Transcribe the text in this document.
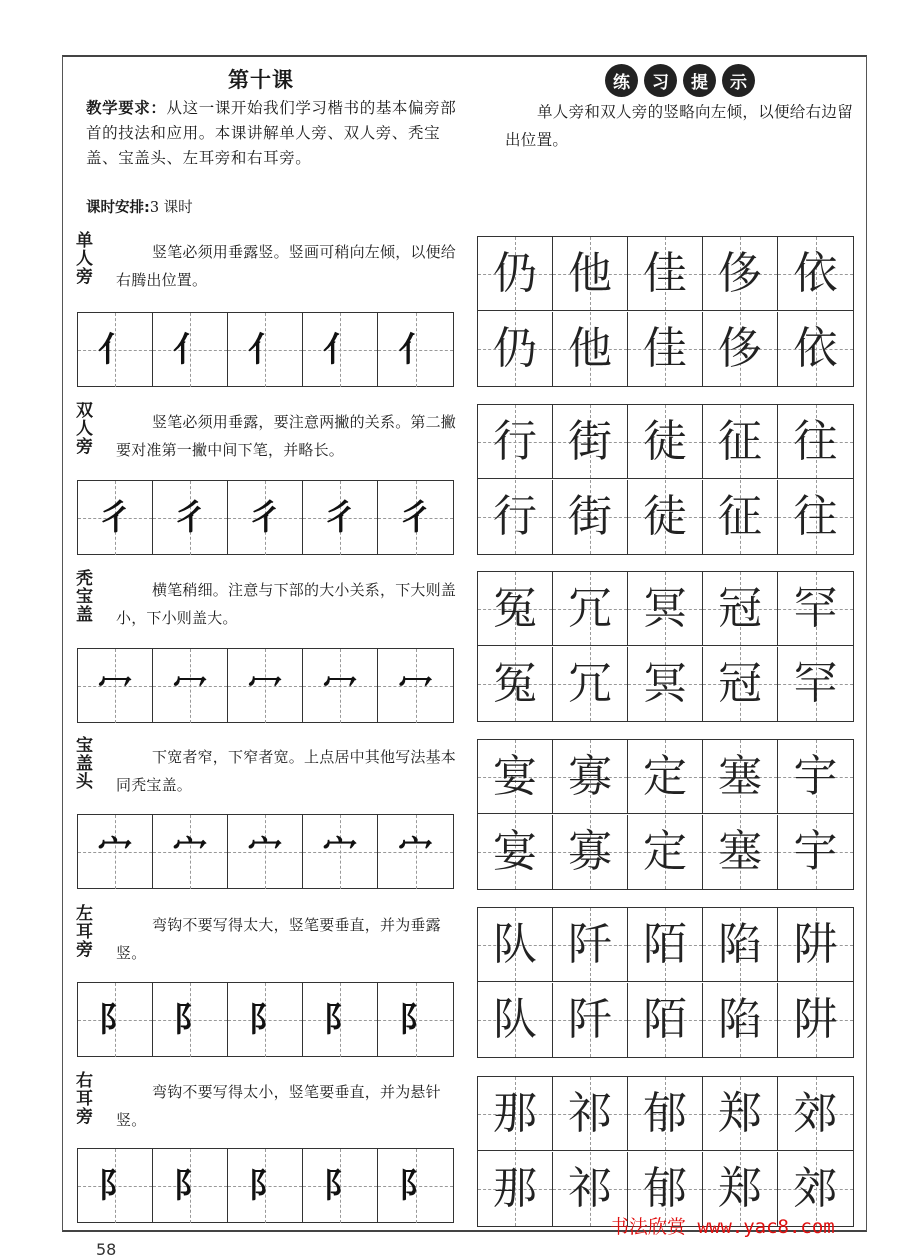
第十课
教学要求：从这一课开始我们学习楷书的基本偏旁部首的技法和应用。本课讲解单人旁、双人旁、秃宝盖、宝盖头、左耳旁和右耳旁。
课时安排:3 课时
练	习	提	示
单人旁和双人旁的竖略向左倾，以便给右边留出位置。
单
人
旁
竖笔必须用垂露竖。竖画可稍向左倾，以便给右腾出位置。
亻 亻 亻 亻 亻
仍 他 佳 侈 依
仍 他 佳 侈 依
双
人
旁
竖笔必须用垂露，要注意两撇的关系。第二撇要对准第一撇中间下笔，并略长。
彳 彳 彳 彳 彳
行 街 徒 征 往
行 街 徒 征 往
秃
宝
盖
横笔稍细。注意与下部的大小关系，下大则盖小，下小则盖大。
冖 冖 冖 冖 冖
冤 冗 冥 冠 罕
冤 冗 冥 冠 罕
宝
盖
头
下宽者窄，下窄者宽。上点居中其他写法基本同秃宝盖。
宀 宀 宀 宀 宀
宴 寡 定 塞 宇
宴 寡 定 塞 宇
左
耳
旁
弯钩不要写得太大，竖笔要垂直，并为垂露竖。
阝 阝 阝 阝 阝
队 阡 陌 陷 阱
队 阡 陌 陷 阱
右
耳
旁
弯钩不要写得太小，竖笔要垂直，并为悬针竖。
阝 阝 阝 阝 阝
那 祁 郁 郑 郊
那 祁 郁 郑 郊
书法欣赏 www.yac8.com
58
